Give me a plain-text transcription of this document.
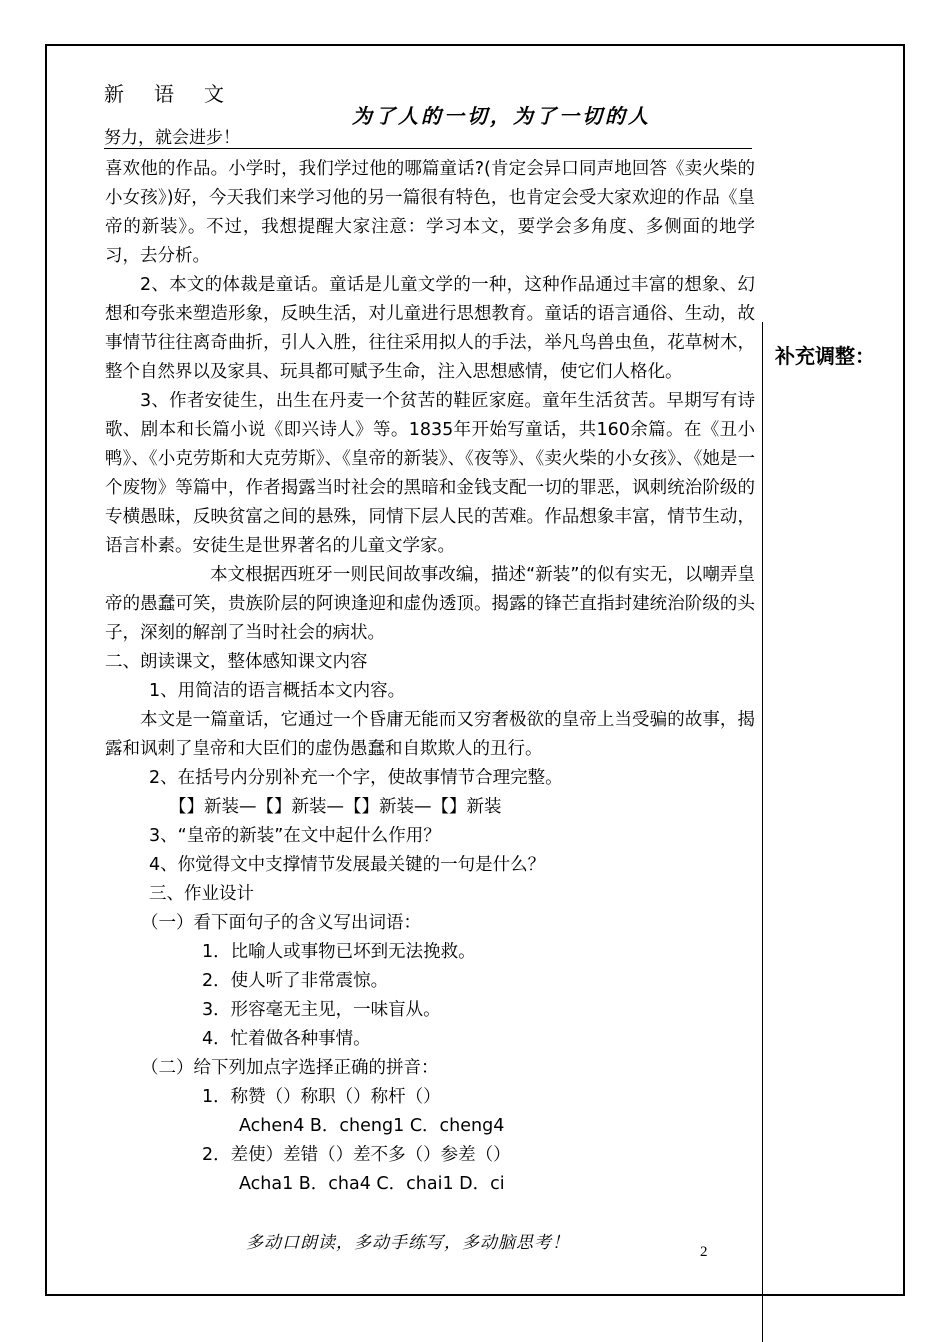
新语文
努力，就会进步！
为了人的一切，为了一切的人
补充调整：

喜欢他的作品。小学时，我们学过他的哪篇童话?(肯定会异口同声地回答《卖火柴的小女孩》)好，今天我们来学习他的另一篇很有特色，也肯定会受大家欢迎的作品《皇帝的新装》。不过，我想提醒大家注意：学习本文，要学会多角度、多侧面的地学习，去分析。

2、本文的体裁是童话。童话是儿童文学的一种，这种作品通过丰富的想象、幻想和夸张来塑造形象，反映生活，对儿童进行思想教育。童话的语言通俗、生动，故事情节往往离奇曲折，引人入胜，往往采用拟人的手法，举凡鸟兽虫鱼，花草树木，整个自然界以及家具、玩具都可赋予生命，注入思想感情，使它们人格化。

3、作者安徒生，出生在丹麦一个贫苦的鞋匠家庭。童年生活贫苦。早期写有诗歌、剧本和长篇小说《即兴诗人》等。1835年开始写童话，共160余篇。在《丑小鸭》、《小克劳斯和大克劳斯》、《皇帝的新装》、《夜等》、《卖火柴的小女孩》、《她是一个废物》等篇中，作者揭露当时社会的黑暗和金钱支配一切的罪恶，讽刺统治阶级的专横愚昧，反映贫富之间的悬殊，同情下层人民的苦难。作品想象丰富，情节生动，语言朴素。安徒生是世界著名的儿童文学家。

本文根据西班牙一则民间故事改编，描述“新装”的似有实无，以嘲弄皇帝的愚蠢可笑，贵族阶层的阿谀逢迎和虚伪透顶。揭露的锋芒直指封建统治阶级的头子，深刻的解剖了当时社会的病状。

二、朗读课文，整体感知课文内容

1、用简洁的语言概括本文内容。

本文是一篇童话，它通过一个昏庸无能而又穷奢极欲的皇帝上当受骗的故事，揭露和讽刺了皇帝和大臣们的虚伪愚蠢和自欺欺人的丑行。

2、在括号内分别补充一个字，使故事情节合理完整。

【】新装—【】新装—【】新装—【】新装

3、“皇帝的新装”在文中起什么作用？

4、你觉得文中支撑情节发展最关键的一句是什么？

三、作业设计

（一）看下面句子的含义写出词语：

1．比喻人或事物已坏到无法挽救。

2．使人听了非常震惊。

3．形容毫无主见，一味盲从。

4．忙着做各种事情。

（二）给下列加点字选择正确的拼音：

1．称赞（）称职（）称杆（）

Achen4 B．cheng1 C．cheng4

2．差使）差错（）差不多（）参差（）

Acha1 B．cha4 C．chai1 D．ci

多动口朗读，多动手练写，多动脑思考！	2
